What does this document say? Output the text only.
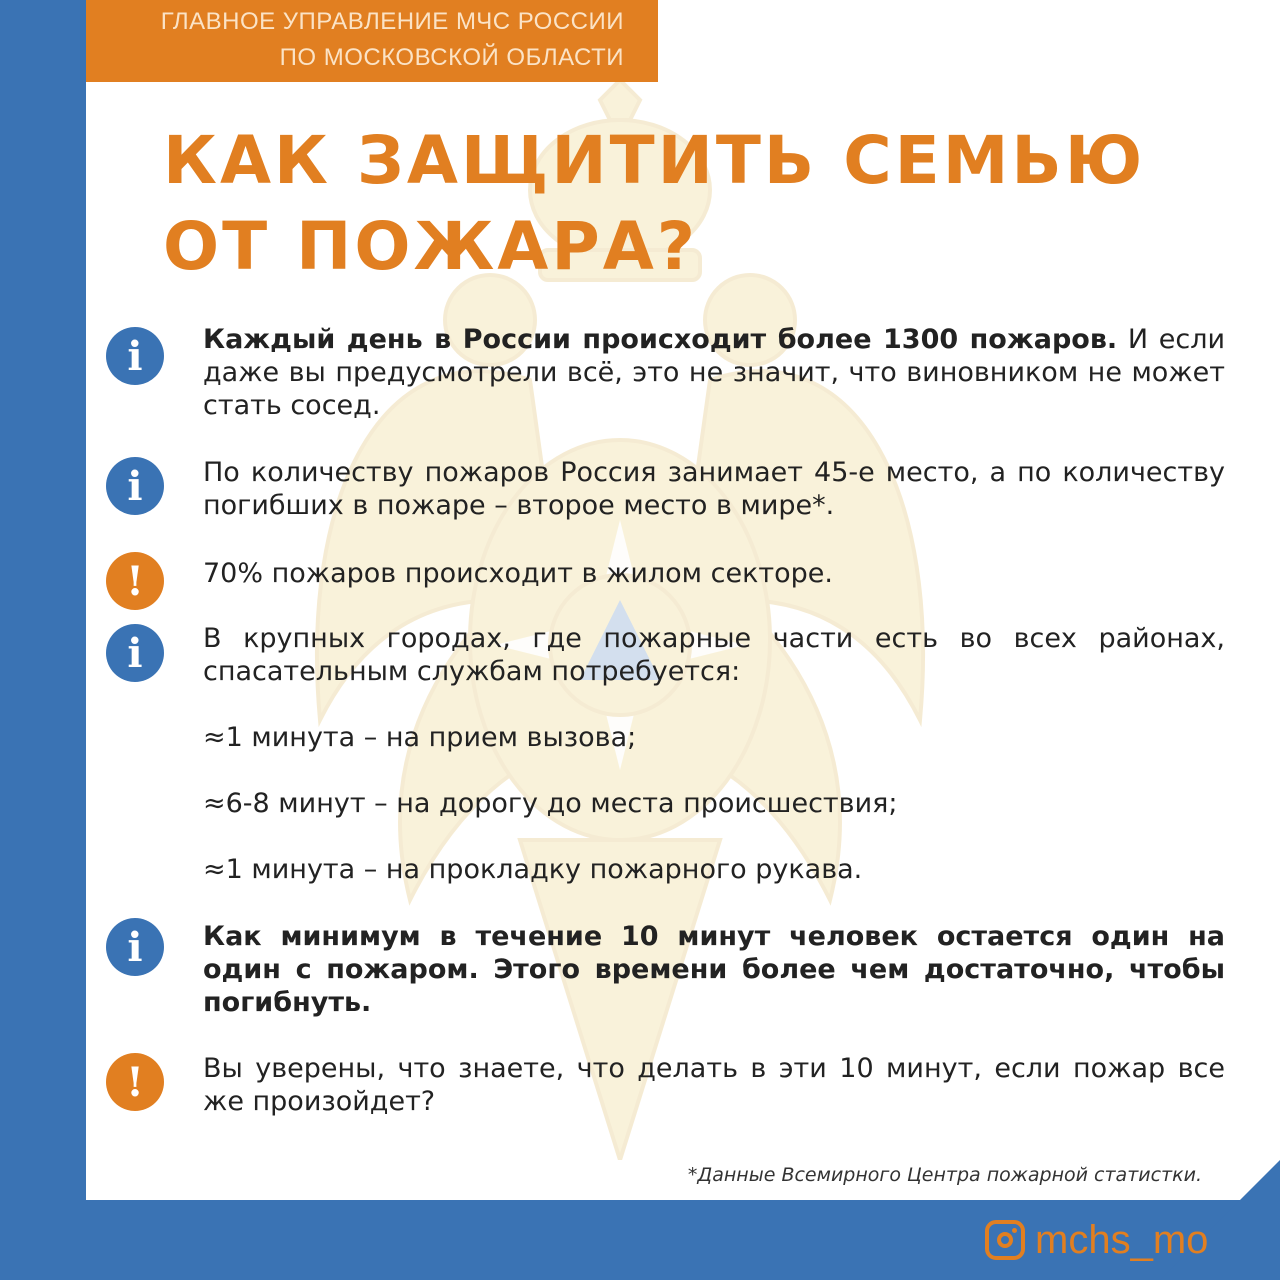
ГЛАВНОЕ УПРАВЛЕНИЕ МЧС РОССИИ
ПО МОСКОВСКОЙ ОБЛАСТИ
КАК ЗАЩИТИТЬ СЕМЬЮ
ОТ ПОЖАРА?
i	Каждый день в России происходит более 1300 пожаров. И если даже вы предусмотрели всё, это не значит, что виновником не может стать сосед.

i	По количеству пожаров Россия занимает 45-е место, а по количеству погибших в пожаре – второе место в мире*.

!	70% пожаров происходит в жилом секторе.

i	В крупных городах, где пожарные части есть во всех районах, спасательным службам потребуется:

≈1 минута – на прием вызова;
≈6-8 минут – на дорогу до места происшествия;
≈1 минута – на прокладку пожарного рукава.
i	Как минимум в течение 10 минут человек остается один на один с пожаром. Этого времени более чем достаточно, чтобы погибнуть.

!	Вы уверены, что знаете, что делать в эти 10 минут, если пожар все же произойдет?

*Данные Всемирного Центра пожарной статистки.
mchs_mo
